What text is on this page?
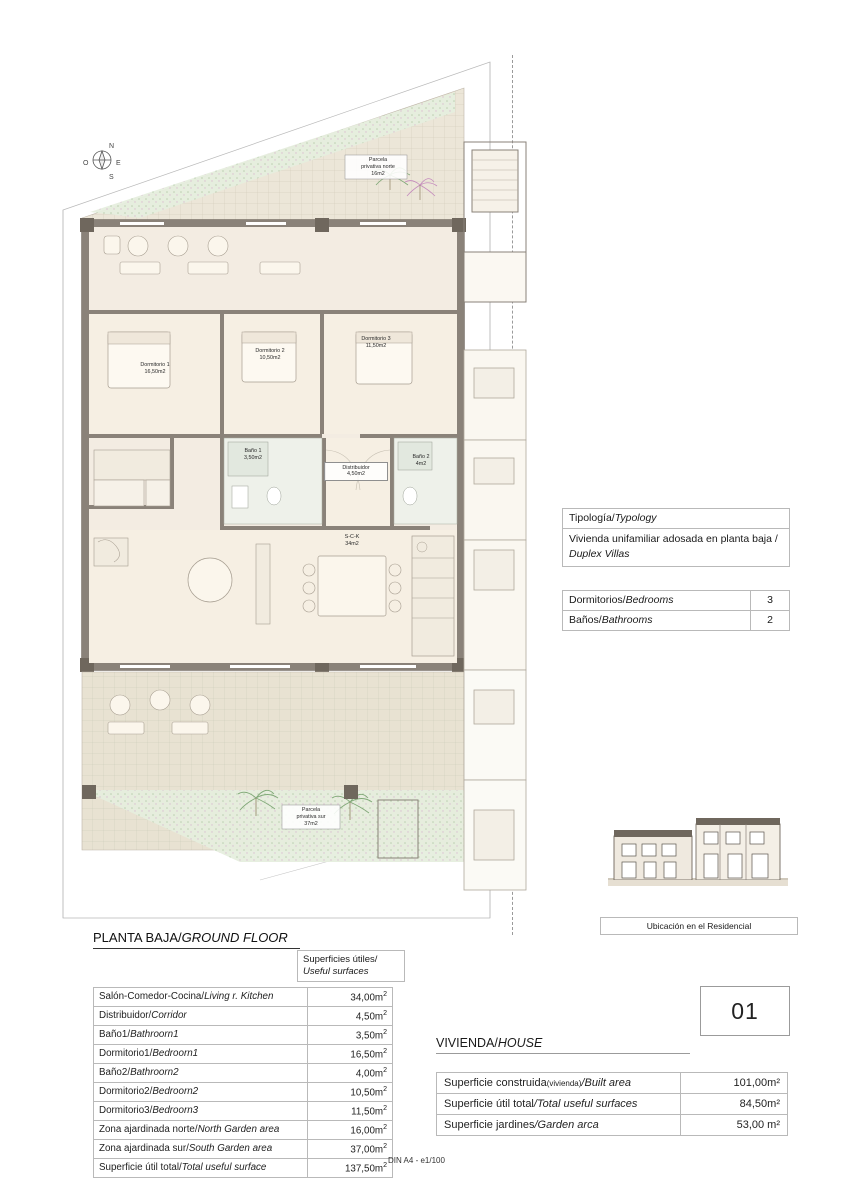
N
S
E
O	Parcela
privativa norte
16m2
Dormitorio 1
16,50m2
Dormitorio 2
10,50m2
Dormitorio 3
11,50m2
Baño 1
3,50m2	Baño 2
4m2
Distribuidor
4,50m2
S-C-K
34m2
Parcela
privativa sur
37m2
Tipología/Typology
Vivienda unifamiliar adosada en planta baja / Duplex Villas
Dormitorios/Bedrooms	3
Baños/Bathrooms	2
Ubicación en el Residencial
01
VIVIENDA/HOUSE
Superficie construida(vivienda)/Built area	101,00m²
Superficie útil total/Total useful surfaces	84,50m²
Superficie jardines/Garden arca	53,00 m²
PLANTA BAJA/GROUND FLOOR
Superficies útiles/
Useful surfaces
Salón-Comedor-Cocina/Living r. Kitchen	$34,00m^2$
Distribuidor/Corridor	$4,50m^2$
Baño1/Bathroorn1	$3,50m^2$
Dormitorio1/Bedroorn1	$16,50m^2$
Baño2/Bathroorn2	$4,00m^2$
Dormitorio2/Bedroorn2	$10,50m^2$
Dormitorio3/Bedroorn3	$11,50m^2$
Zona ajardinada norte/North Garden area	$16,00m^2$
Zona ajardinada sur/South Garden area	$37,00m^2$
Superficie útil total/Total useful surface	$137,50m^2$
DIN A4 - e1/100
